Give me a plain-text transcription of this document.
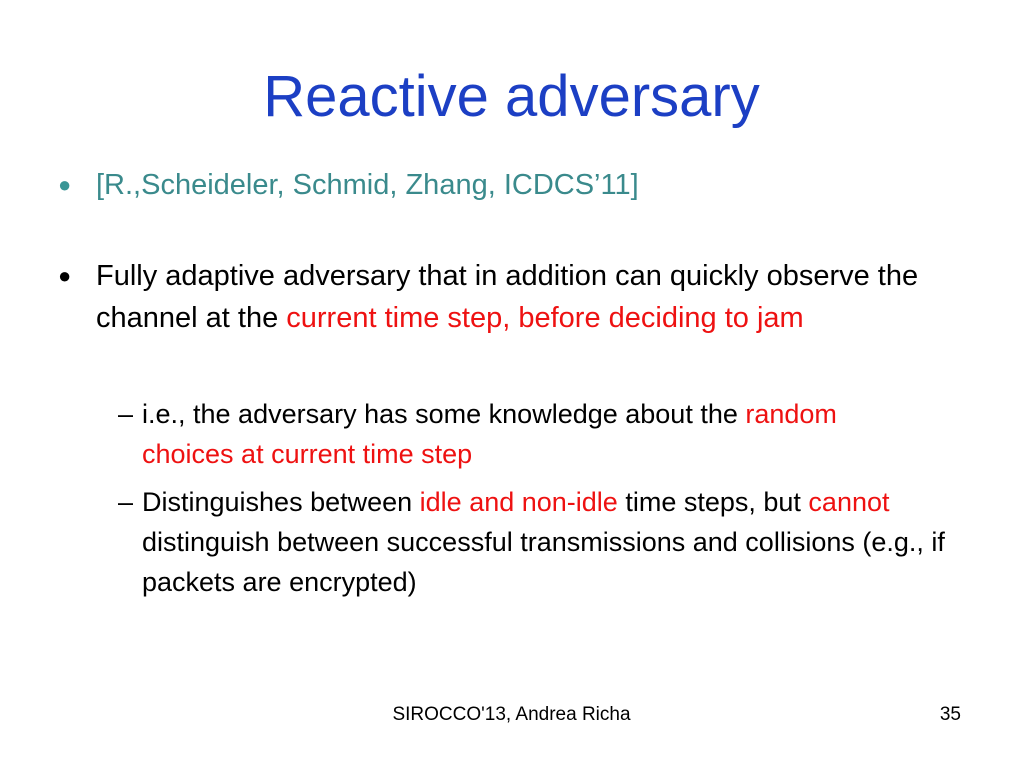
Reactive adversary
● [R.,Scheideler, Schmid, Zhang, ICDCS’11]
● Fully adaptive adversary that in addition can quickly observe the channel at the current time step, before deciding to jam
– i.e., the adversary has some knowledge about the random choices at current time step
– Distinguishes between idle and non-idle time steps, but cannot distinguish between successful transmissions and collisions (e.g., if packets are encrypted)
SIROCCO'13, Andrea Richa	35
